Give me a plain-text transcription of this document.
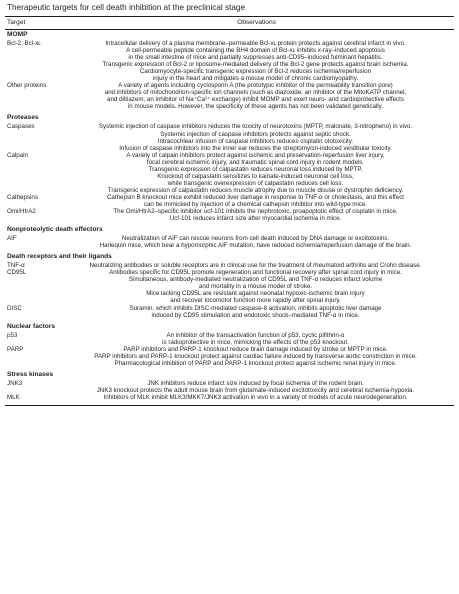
Therapeutic targets for cell death inhibition at the preclinical stage
Target	Observations
MOMP
Bcl-2, Bcl-xʟ	Intracellular delivery of a plasma membrane–permeable Bcl-xʟ protein protects against cerebral infarct in vivo.
A cell-permeable peptide containing the BH4 domain of Bcl-xʟ inhibits x-ray–induced apoptosis
in the small intestine of mice and partially suppresses anti-CD95–induced fulminant hepatitis.
Transgenic expression of Bcl-2 or liposome-mediated delivery of the Bcl-2 gene protects against brain ischemia.
Cardiomyocyte-specific transgenic expression of Bcl-2 reduces ischemia/reperfusion
injury in the heart and mitigates a mouse model of chronic cardiomyopathy.
Other proteins	A variety of agents including cyclosporin A (the prototypic inhibitor of the permeability transition pore)
and inhibitors of mitochondrion-specific ion channels (such as diazoxide, an inhibitor of the MitoKATP channel,
and diltiazem, an inhibitor of Na⁺Ca²⁺ exchange) inhibit MOMP and exert neuro- and cardioprotective effects
in mouse models. However, the specificity of these agents has not been validated genetically.
Proteases
Caspases	Systemic injection of caspase inhibitors reduces the toxicity of neurotoxins (MPTP, malonate, 3-nitropheno) in vivo.
Systemic injection of caspase inhibitors protects against septic shock.
Intracochlear infusion of caspase inhibitors reduces cisplatin ototoxicity.
Infusion of caspase inhibitors into the inner ear reduces the streptomycin-induced vestibular toxicity.
Calpain	A variety of calpain inhibitors protect against ischemic and preservation-reperfusion liver injury,
focal cerebral ischemic injury, and traumatic spinal cord injury in rodent models.
Transgenic expression of calpastatin reduces neuronal loss induced by MPTP.
Knockout of calpastatin sensitizes to kainate-induced neuronal cell loss,
while transgenic overexpression of calpastatin reduces cell loss.
Transgenic expression of calpastatin reduces muscle atrophy due to muscle disuse or dystrophin deficiency.
Cathepsins	Cathepsin B knockout mice exhibit reduced liver damage in response to TNF-α or cholestasis, and this effect
can be mimicked by injection of a chemical cathepsin inhibitor into wild-type mice.
Omi/HtrA2	The Omi/HtrA2–specific inhibitor ucf-101 inhibits the nephrotoxic, proapoptotic effect of cisplatin in mice.
Ucf-101 reduces infarct size after myocardial ischemia in mice.
Nonproteolytic death effectors
AIF	Neutralization of AIF can rescue neurons from cell death induced by DNA damage or excitotoxins.
Harlequin mice, which bear a hypomorphic AIF mutation, have reduced ischemia/reperfusion damage of the brain.
Death receptors and their ligands
TNF-α	Neutralizing antibodies or soluble receptors are in clinical use for the treatment of rheumatoid arthritis and Crohn disease.
CD95L	Antibodies specific for CD95L promote regeneration and functional recovery after spinal cord injury in mice.
Simultaneous, antibody-mediated neutralization of CD95L and TNF-α reduces infarct volume
and mortality in a mouse model of stroke.
Mice lacking CD95L are resistant against neonatal hypoxic-ischemic brain injury
and recover locomotor function more rapidly after spinal injury.
DISC	Suramin, which inhibits DISC-mediated caspase-8 activation, inhibits apoptotic liver damage
induced by CD95 stimulation and endotoxic shock–mediated TNF-α in mice.
Nuclear factors
p53	An inhibitor of the transactivation function of p53, cyclic pifithrin-α
is radioprotective in mice, mimicking the effects of the p53 knockout.
PARP	PARP inhibitors and PARP-1 knockout reduce brain damage induced by stroke or MPTP in mice.
PARP inhibitors and PARP-1 knockout protect against cardiac failure induced by transverse aortic constriction in mice.
Pharmacological inhibition of PARP and PARP-1 knockout protect against ischemic renal injury in mice.
Stress kinases
JNK3	JNK inhibitors reduce infarct size induced by focal ischemia of the rodent brain.
JNK3 knockout protects the adult mouse brain from glutamate-induced excitotoxicity and cerebral ischemia-hypoxia.
MLK	Inhibitors of MLK inhibit MLK3/MKK7/JNK3 activation in vivo in a variety of models of acute neurodegeneration.
